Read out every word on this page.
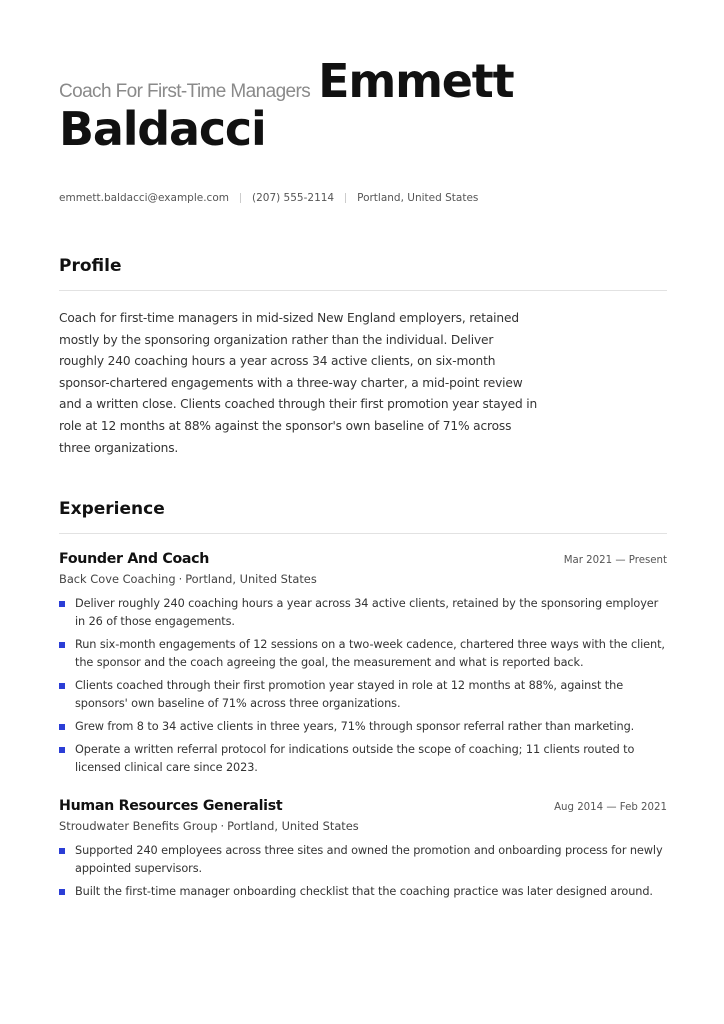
Coach For First-Time Managers Emmett
Baldacci
emmett.baldacci@example.com (207) 555-2114 Portland, United States
Profile
Coach for first-time managers in mid-sized New England employers, retained mostly by the sponsoring organization rather than the individual. Deliver roughly 240 coaching hours a year across 34 active clients, on six-month sponsor-chartered engagements with a three-way charter, a mid-point review and a written close. Clients coached through their first promotion year stayed in role at 12 months at 88% against the sponsor's own baseline of 71% across three organizations.
Experience
Founder And Coach	Mar 2021 — Present
Back Cove Coaching · Portland, United States
Deliver roughly 240 coaching hours a year across 34 active clients, retained by the sponsoring employer in 26 of those engagements.
Run six-month engagements of 12 sessions on a two-week cadence, chartered three ways with the client, the sponsor and the coach agreeing the goal, the measurement and what is reported back.
Clients coached through their first promotion year stayed in role at 12 months at 88%, against the sponsors' own baseline of 71% across three organizations.
Grew from 8 to 34 active clients in three years, 71% through sponsor referral rather than marketing.
Operate a written referral protocol for indications outside the scope of coaching; 11 clients routed to licensed clinical care since 2023.
Human Resources Generalist	Aug 2014 — Feb 2021
Stroudwater Benefits Group · Portland, United States
Supported 240 employees across three sites and owned the promotion and onboarding process for newly appointed supervisors.
Built the first-time manager onboarding checklist that the coaching practice was later designed around.
